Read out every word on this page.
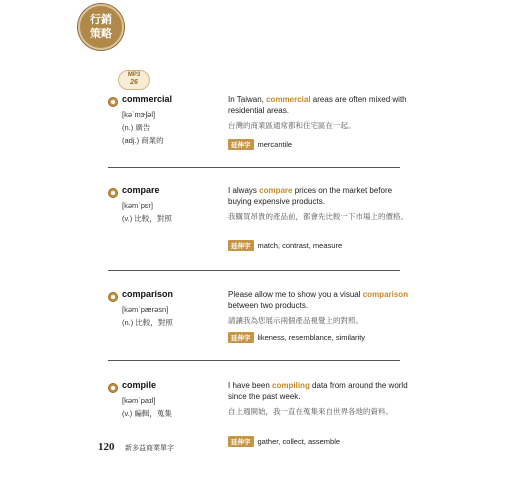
行銷
策略
MP3
26
commercial
[kə`mɝʃəl]
(n.) 廣告
(adj.) 商業的
In Taiwan, commercial areas are often mixed with residential areas.
台灣的商業區通常都和住宅區在一起。
延伸字 mercantile
compare
[kəm`pɛr]
(v.) 比較，對照
I always compare prices on the market before buying expensive products.
我購買昂貴的產品前，都會先比較一下市場上的價格。
延伸字 match, contrast, measure
comparison
[kəm`pærəsn]
(n.) 比較，對照
Please allow me to show you a visual comparison between two products.
請讓我為您展示兩個產品視覺上的對照。
延伸字 likeness, resemblance, similarity
compile
[kəm`paɪl]
(v.) 編輯，蒐集
I have been compiling data from around the world since the past week.
自上週開始，我一直在蒐集來自世界各地的資料。
延伸字 gather, collect, assemble
120 新多益商業單字
